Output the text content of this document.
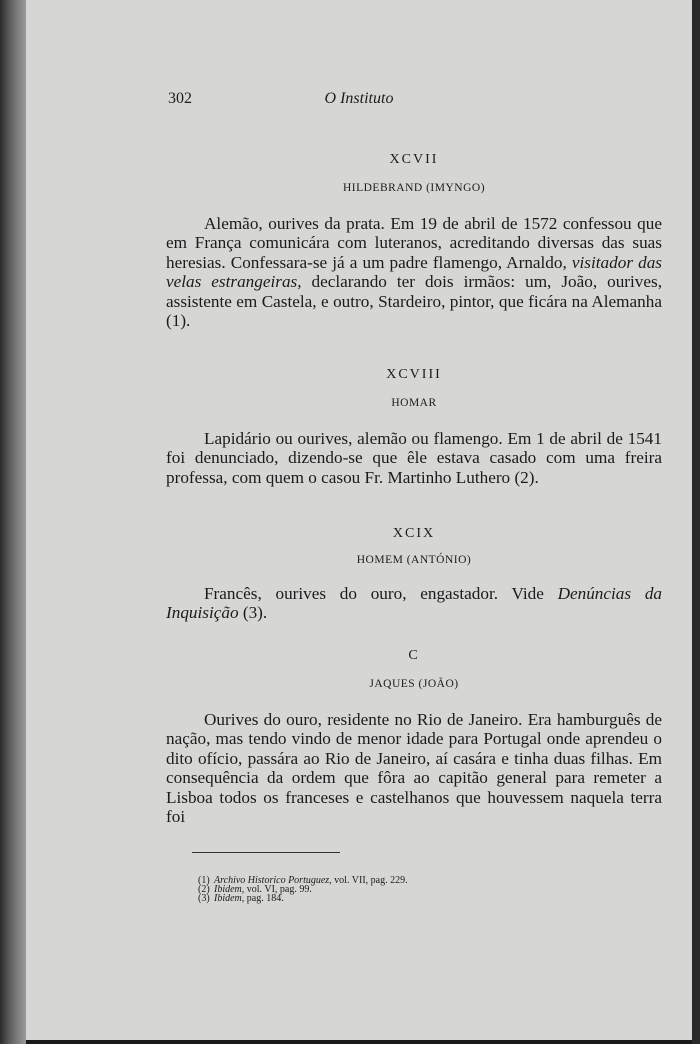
302	O Instituto
XCVII
HILDEBRAND (IMYNGO)

Alemão, ourives da prata. Em 19 de abril de 1572 confessou que em França comunicára com luteranos, acreditando diversas das suas heresias. Confessara-se já a um padre flamengo, Arnaldo, visitador das velas estrangeiras, declarando ter dois irmãos: um, João, ourives, assistente em Castela, e outro, Stardeiro, pintor, que ficára na Alemanha (1).

XCVIII
HOMAR

Lapidário ou ourives, alemão ou flamengo. Em 1 de abril de 1541 foi denunciado, dizendo-se que êle estava casado com uma freira professa, com quem o casou Fr. Martinho Luthero (2).

XCIX
HOMEM (ANTÓNIO)

Francês, ourives do ouro, engastador. Vide Denúncias da Inquisição (3).

C
JAQUES (JOÃO)

Ourives do ouro, residente no Rio de Janeiro. Era hamburguês de nação, mas tendo vindo de menor idade para Portugal onde aprendeu o dito ofício, passára ao Rio de Janeiro, aí casára e tinha duas filhas. Em consequência da ordem que fôra ao capitão general para remeter a Lisboa todos os franceses e castelhanos que houvessem naquela terra foi

(1) Archivo Historico Portuguez, vol. VII, pag. 229.
(2) Ibidem, vol. VI, pag. 99.
(3) Ibidem, pag. 184.
